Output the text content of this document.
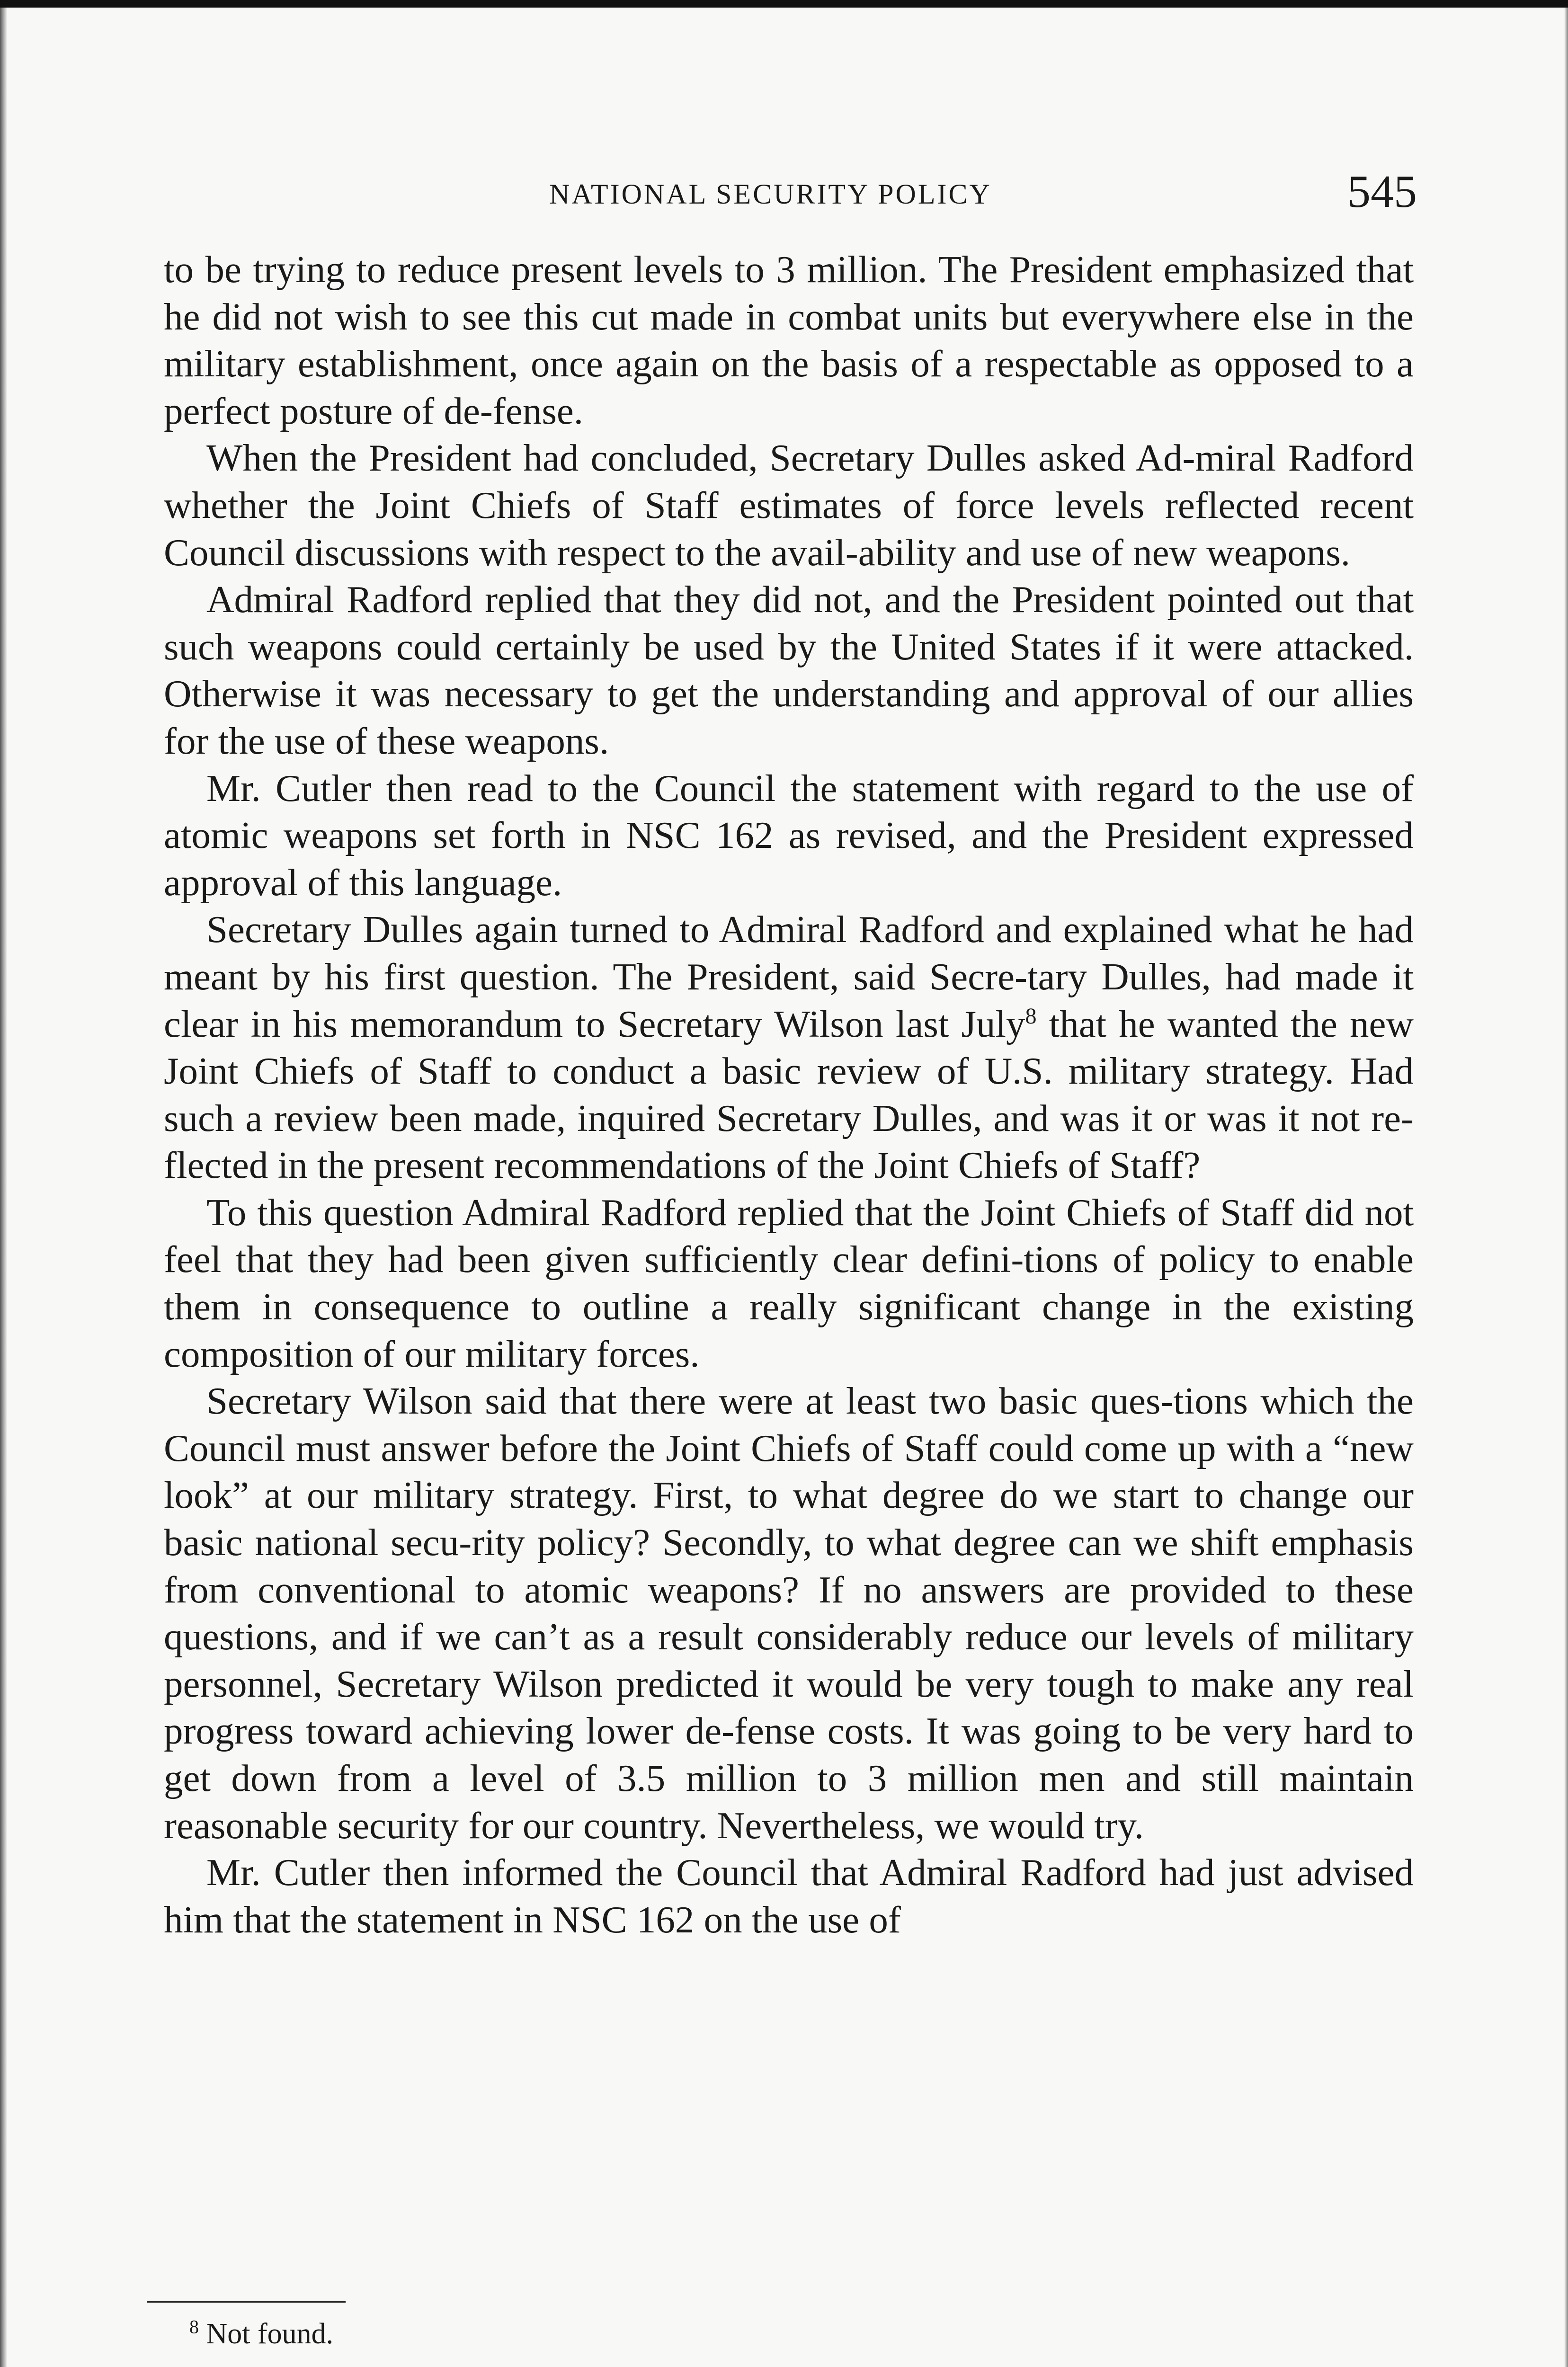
NATIONAL SECURITY POLICY	545

to be trying to reduce present levels to 3 million. The President emphasized that he did not wish to see this cut made in combat units but everywhere else in the military establishment, once again on the basis of a respectable as opposed to a perfect posture of de-fense.

When the President had concluded, Secretary Dulles asked Ad-miral Radford whether the Joint Chiefs of Staff estimates of force levels reflected recent Council discussions with respect to the avail-ability and use of new weapons.

Admiral Radford replied that they did not, and the President pointed out that such weapons could certainly be used by the United States if it were attacked. Otherwise it was necessary to get the understanding and approval of our allies for the use of these weapons.

Mr. Cutler then read to the Council the statement with regard to the use of atomic weapons set forth in NSC 162 as revised, and the President expressed approval of this language.

Secretary Dulles again turned to Admiral Radford and explained what he had meant by his first question. The President, said Secre-tary Dulles, had made it clear in his memorandum to Secretary Wilson last July$^8$ that he wanted the new Joint Chiefs of Staff to conduct a basic review of U.S. military strategy. Had such a review been made, inquired Secretary Dulles, and was it or was it not re-flected in the present recommendations of the Joint Chiefs of Staff?

To this question Admiral Radford replied that the Joint Chiefs of Staff did not feel that they had been given sufficiently clear defini-tions of policy to enable them in consequence to outline a really significant change in the existing composition of our military forces.

Secretary Wilson said that there were at least two basic ques-tions which the Council must answer before the Joint Chiefs of Staff could come up with a “new look” at our military strategy. First, to what degree do we start to change our basic national secu-rity policy? Secondly, to what degree can we shift emphasis from conventional to atomic weapons? If no answers are provided to these questions, and if we can’t as a result considerably reduce our levels of military personnel, Secretary Wilson predicted it would be very tough to make any real progress toward achieving lower de-fense costs. It was going to be very hard to get down from a level of 3.5 million to 3 million men and still maintain reasonable security for our country. Nevertheless, we would try.

Mr. Cutler then informed the Council that Admiral Radford had just advised him that the statement in NSC 162 on the use of

$^8$ Not found.
